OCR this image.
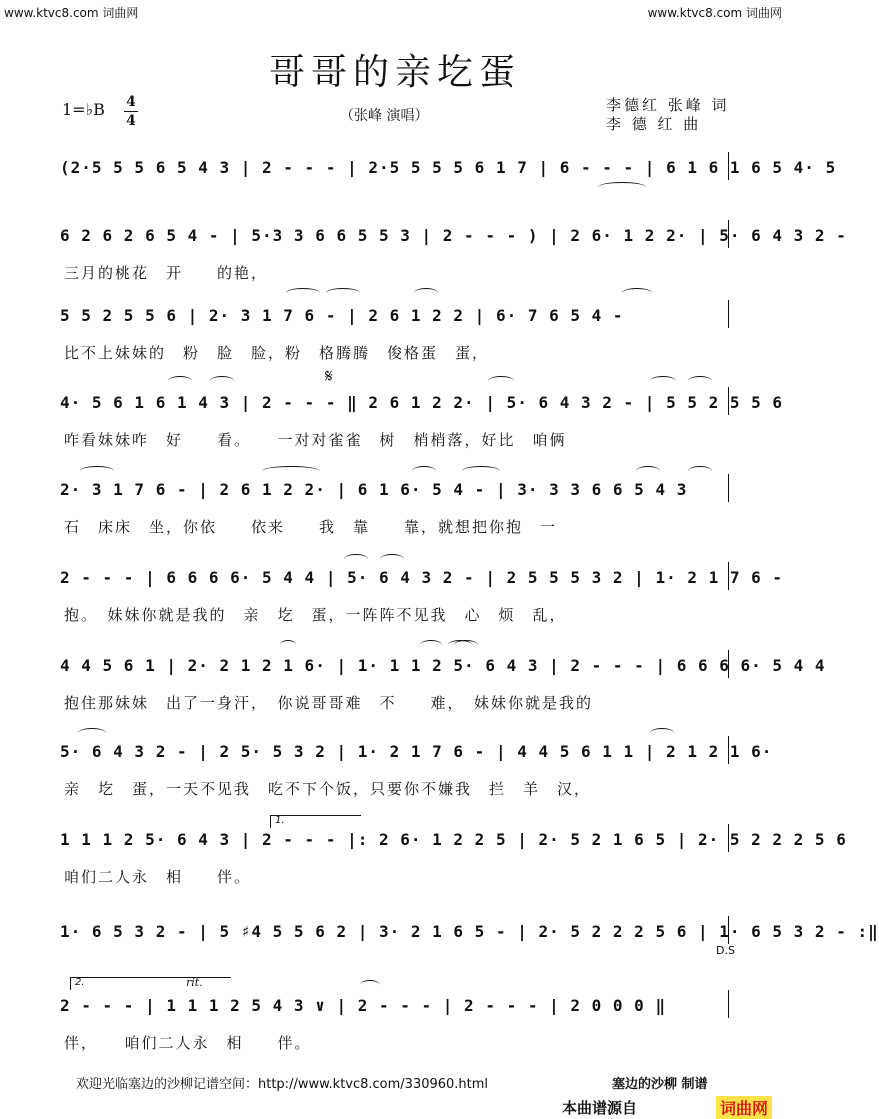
www.ktvc8.com 词曲网	www.ktvc8.com 词曲网
哥哥的亲圪蛋
1=♭B 4
4	（张峰 演唱）
李德红 张峰 词
李 德 红 曲
(2·5 5 5 6 5 4 3 | 2 - - - | 2·5 5 5 5 6 1 7 | 6 - - - | 6 1 6 1 6 5 4· 5
6 2 6 2 6 5 4 - | 5·3 3 6 6 5 5 3 | 2 - - - ) | 2 6· 1 2 2· | 5· 6 4 3 2 -
三月的桃花　开　　的艳，
5 5 2 5 5 6 | 2· 3 1 7 6 - | 2 6 1 2 2 | 6· 7 6 5 4 -
比不上妹妹的　粉　脸　脸，粉　格腾腾　俊格蛋　蛋，
4· 5 6 1 6 1 4 3 | 2 - - - ‖ 2 6 1 2 2· | 5· 6 4 3 2 - | 5 5 2 5 5 6
咋看妹妹咋　好　　看。　　一对对雀雀　树　梢梢落，好比　咱俩
2· 3 1 7 6 - | 2 6 1 2 2· | 6 1 6· 5 4 - | 3· 3 3 6 6 5 4 3
石　床床　坐，你依　　依来　　我　靠　　靠，就想把你抱　一
2 - - - | 6 6 6 6· 5 4 4 | 5· 6 4 3 2 - | 2 5 5 5 3 2 | 1· 2 1 7 6 -
抱。　妹妹你就是我的　亲　圪　蛋，一阵阵不见我　心　烦　乱，
4 4 5 6 1 | 2· 2 1 2 1 6· | 1· 1 1 2 5· 6 4 3 | 2 - - - | 6 6 6 6· 5 4 4
抱住那妹妹　出了一身汗，　你说哥哥难　不　　难，　妹妹你就是我的
5· 6 4 3 2 - | 2 5· 5 3 2 | 1· 2 1 7 6 - | 4 4 5 6 1 1 | 2 1 2 1 6·
亲　圪　蛋，一天不见我　吃不下个饭，只要你不嫌我　拦　羊　汉，
1 1 1 2 5· 6 4 3 | 2 - - - |: 2 6· 1 2 2 5 | 2· 5 2 1 6 5 | 2· 5 2 2 2 5 6
咱们二人永　相　　伴。
1· 6 5 3 2 - | 5 ♯4 5 5 6 2 | 3· 2 1 6 5 - | 2· 5 2 2 2 5 6 | 1· 6 5 3 2 - :‖
2 - - - | 1 1 1 2 5 4 3 ∨ | 2 - - - | 2 - - - | 2 0 0 0 ‖
伴，　　咱们二人永　相　　伴。
𝄋
D.S
rit.
1.
2.
欢迎光临塞边的沙柳记谱空间：http://www.ktvc8.com/330960.html	塞边的沙柳 制谱
本曲谱源自	词曲网
